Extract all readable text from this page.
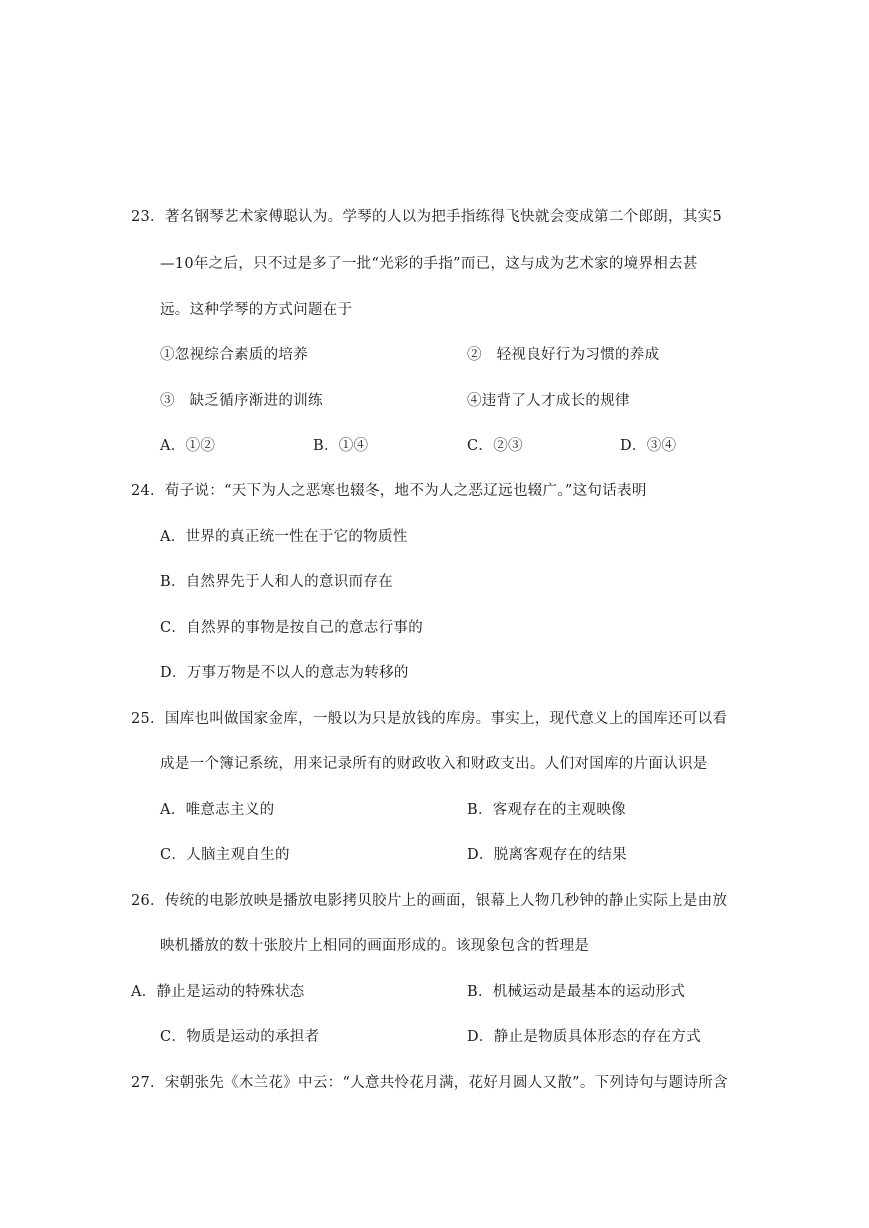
23．著名钢琴艺术家傅聪认为。学琴的人以为把手指练得飞快就会变成第二个郎朗，其实5
—10年之后，只不过是多了一批“光彩的手指”而已，这与成为艺术家的境界相去甚
远。这种学琴的方式问题在于
①忽视综合素质的培养	②　轻视良好行为习惯的养成
③　缺乏循序渐进的训练	④违背了人才成长的规律
A．①②	B．①④	C．②③	D．③④
24．荀子说：“天下为人之恶寒也辍冬，地不为人之恶辽远也辍广。”这句话表明
A．世界的真正统一性在于它的物质性
B．自然界先于人和人的意识而存在
C．自然界的事物是按自己的意志行事的
D．万事万物是不以人的意志为转移的
25．国库也叫做国家金库，一般以为只是放钱的库房。事实上，现代意义上的国库还可以看
成是一个簿记系统，用来记录所有的财政收入和财政支出。人们对国库的片面认识是
A．唯意志主义的	B．客观存在的主观映像
C．人脑主观自生的	D．脱离客观存在的结果
26．传统的电影放映是播放电影拷贝胶片上的画面，银幕上人物几秒钟的静止实际上是由放
映机播放的数十张胶片上相同的画面形成的。该现象包含的哲理是
A．静止是运动的特殊状态	B．机械运动是最基本的运动形式
C．物质是运动的承担者	D．静止是物质具体形态的存在方式
27．宋朝张先《木兰花》中云：“人意共怜花月满，花好月圆人又散”。下列诗句与题诗所含
